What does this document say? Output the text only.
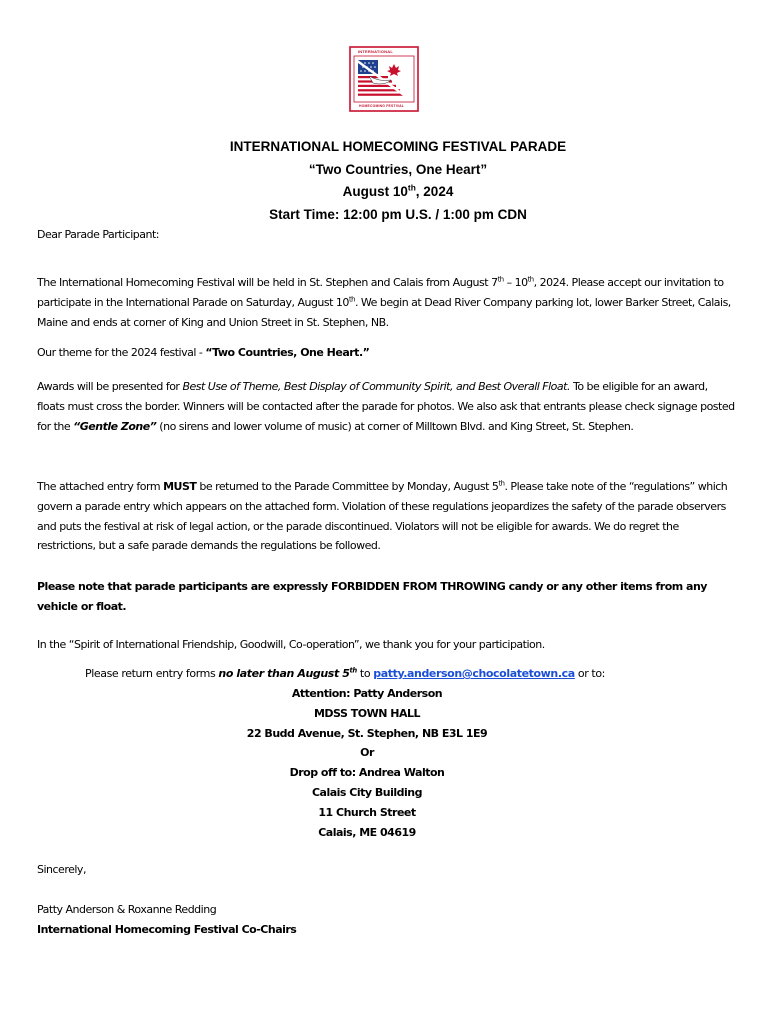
INTERNATIONAL
HOMECOMING FESTIVAL
INTERNATIONAL HOMECOMING FESTIVAL PARADE
“Two Countries, One Heart”
August 10th, 2024
Start Time: 12:00 pm U.S. / 1:00 pm CDN
Dear Parade Participant:

The International Homecoming Festival will be held in St. Stephen and Calais from August 7th – 10th, 2024. Please accept our invitation to participate in the International Parade on Saturday, August 10th. We begin at Dead River Company parking lot, lower Barker Street, Calais, Maine and ends at corner of King and Union Street in St. Stephen, NB.

Our theme for the 2024 festival - “Two Countries, One Heart.”

Awards will be presented for Best Use of Theme, Best Display of Community Spirit, and Best Overall Float. To be eligible for an award, floats must cross the border. Winners will be contacted after the parade for photos. We also ask that entrants please check signage posted for the “Gentle Zone” (no sirens and lower volume of music) at corner of Milltown Blvd. and King Street, St. Stephen.

The attached entry form MUST be returned to the Parade Committee by Monday, August 5th. Please take note of the “regulations” which govern a parade entry which appears on the attached form. Violation of these regulations jeopardizes the safety of the parade observers and puts the festival at risk of legal action, or the parade discontinued. Violators will not be eligible for awards. We do regret the restrictions, but a safe parade demands the regulations be followed.

Please note that parade participants are expressly FORBIDDEN FROM THROWING candy or any other items from any vehicle or float.

In the “Spirit of International Friendship, Goodwill, Co-operation”, we thank you for your participation.

Please return entry forms no later than August 5th to patty.anderson@chocolatetown.ca or to:
Attention: Patty Anderson
MDSS TOWN HALL
22 Budd Avenue, St. Stephen, NB E3L 1E9
Or
Drop off to: Andrea Walton
Calais City Building
11 Church Street
Calais, ME 04619
Sincerely,
Patty Anderson & Roxanne Redding
International Homecoming Festival Co-Chairs
